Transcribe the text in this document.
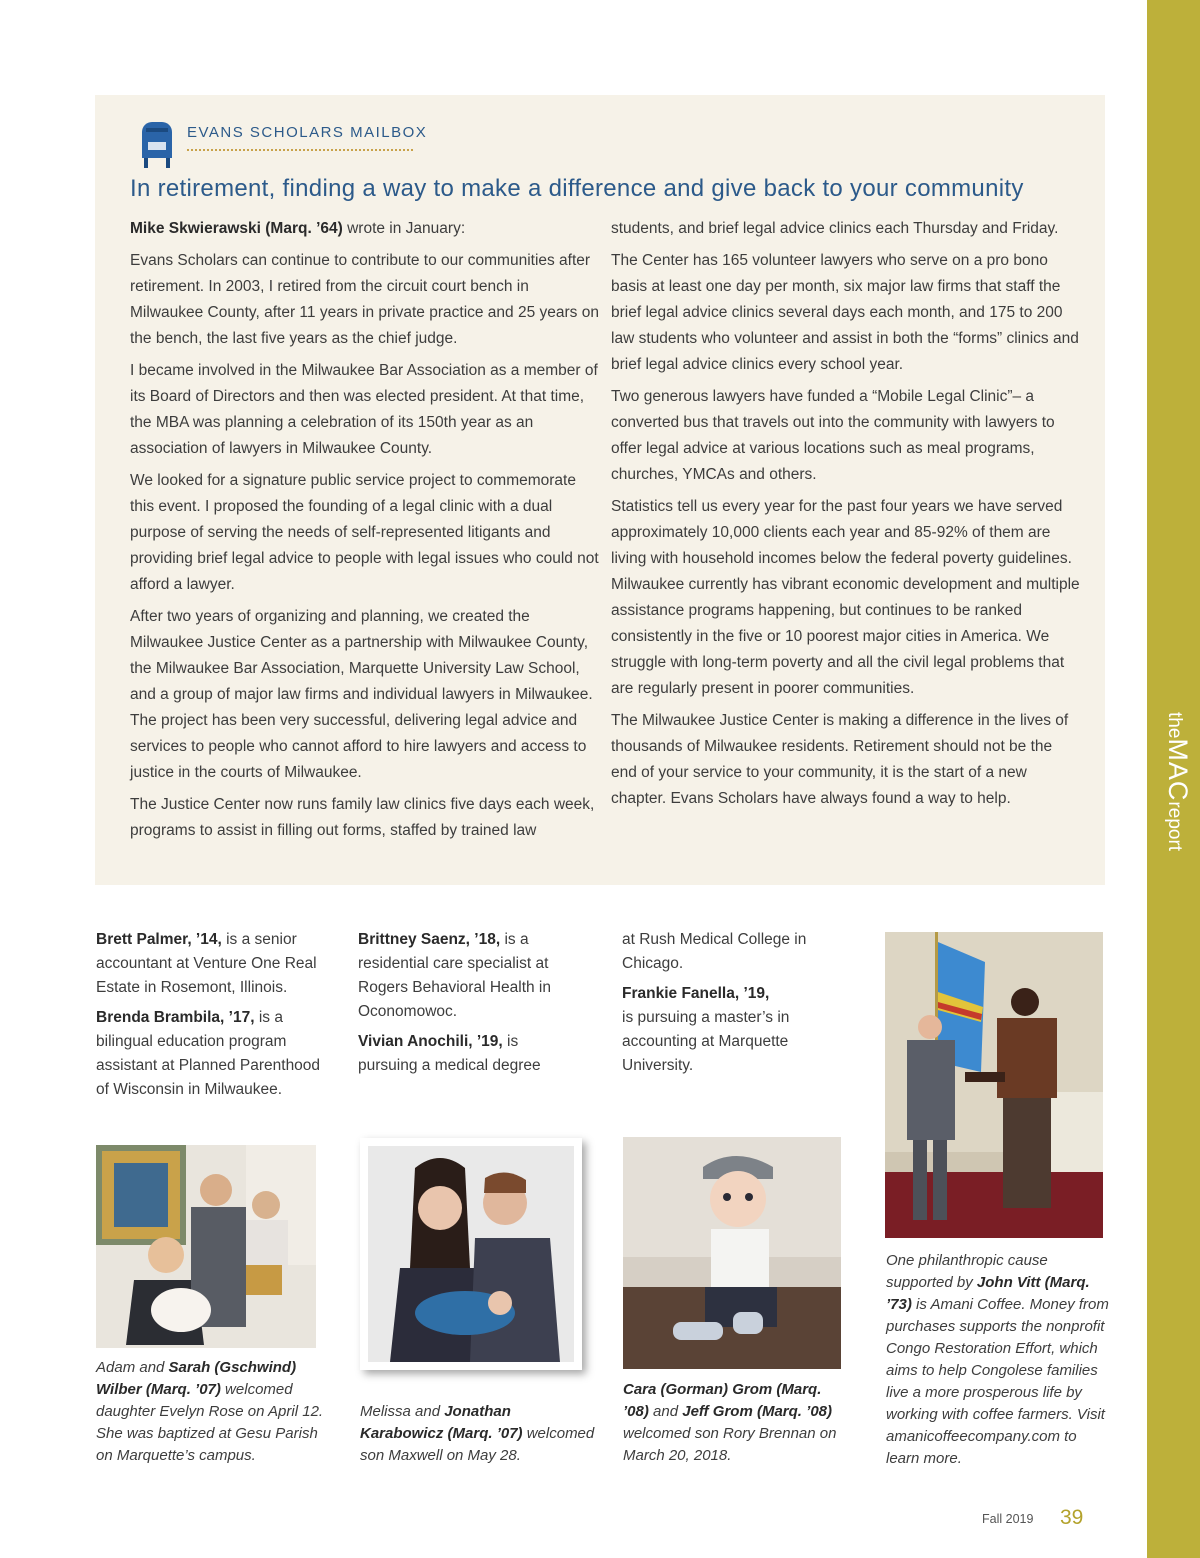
theMACreport
EVANS SCHOLARS MAILBOX
In retirement, finding a way to make a difference and give back to your community

Mike Skwierawski (Marq. ’64) wrote in January:

Evans Scholars can continue to contribute to our communities after retirement. In 2003, I retired from the circuit court bench in Milwaukee County, after 11 years in private practice and 25 years on the bench, the last five years as the chief judge.

I became involved in the Milwaukee Bar Association as a member of its Board of Directors and then was elected president. At that time, the MBA was planning a celebration of its 150th year as an association of lawyers in Milwaukee County.

We looked for a signature public service project to commemorate this event. I proposed the founding of a legal clinic with a dual purpose of serving the needs of self-represented litigants and providing brief legal advice to people with legal issues who could not afford a lawyer.

After two years of organizing and planning, we created the Milwaukee Justice Center as a partnership with Milwaukee County, the Milwaukee Bar Association, Marquette University Law School, and a group of major law firms and individual lawyers in Milwaukee. The project has been very successful, delivering legal advice and services to people who cannot afford to hire lawyers and access to justice in the courts of Milwaukee.

The Justice Center now runs family law clinics five days each week, programs to assist in filling out forms, staffed by trained law

students, and brief legal advice clinics each Thursday and Friday.

The Center has 165 volunteer lawyers who serve on a pro bono basis at least one day per month, six major law firms that staff the brief legal advice clinics several days each month, and 175 to 200 law students who volunteer and assist in both the “forms” clinics and brief legal advice clinics every school year.

Two generous lawyers have funded a “Mobile Legal Clinic”– a converted bus that travels out into the community with lawyers to offer legal advice at various locations such as meal programs, churches, YMCAs and others.

Statistics tell us every year for the past four years we have served approximately 10,000 clients each year and 85-92% of them are living with household incomes below the federal poverty guidelines. Milwaukee currently has vibrant economic development and multiple assistance programs happening, but continues to be ranked consistently in the five or 10 poorest major cities in America. We struggle with long-term poverty and all the civil legal problems that are regularly present in poorer communities.

The Milwaukee Justice Center is making a difference in the lives of thousands of Milwaukee residents. Retirement should not be the end of your service to your community, it is the start of a new chapter. Evans Scholars have always found a way to help.

Brett Palmer, ’14, is a senior accountant at Venture One Real Estate in Rosemont, Illinois.

Brenda Brambila, ’17, is a bilingual education program assistant at Planned Parenthood of Wisconsin in Milwaukee.

Brittney Saenz, ’18, is a residential care specialist at Rogers Behavioral Health in Oconomowoc.

Vivian Anochili, ’19, is pursuing a medical degree

at Rush Medical College in Chicago.

Frankie Fanella, ’19,
is pursuing a master’s in accounting at Marquette University.

One philanthropic cause supported by John Vitt (Marq. ’73) is Amani Coffee. Money from purchases supports the nonprofit Congo Restoration Effort, which aims to help Congolese families live a more prosperous life by working with coffee farmers. Visit amanicoffeecompany.com to learn more.
Adam and Sarah (Gschwind) Wilber (Marq. ’07) welcomed daughter Evelyn Rose on April 12. She was baptized at Gesu Parish on Marquette’s campus.
Melissa and Jonathan Karabowicz (Marq. ’07) welcomed son Maxwell on May 28.
Cara (Gorman) Grom (Marq. ’08) and Jeff Grom (Marq. ’08) welcomed son Rory Brennan on March 20, 2018.
Fall 2019 39
